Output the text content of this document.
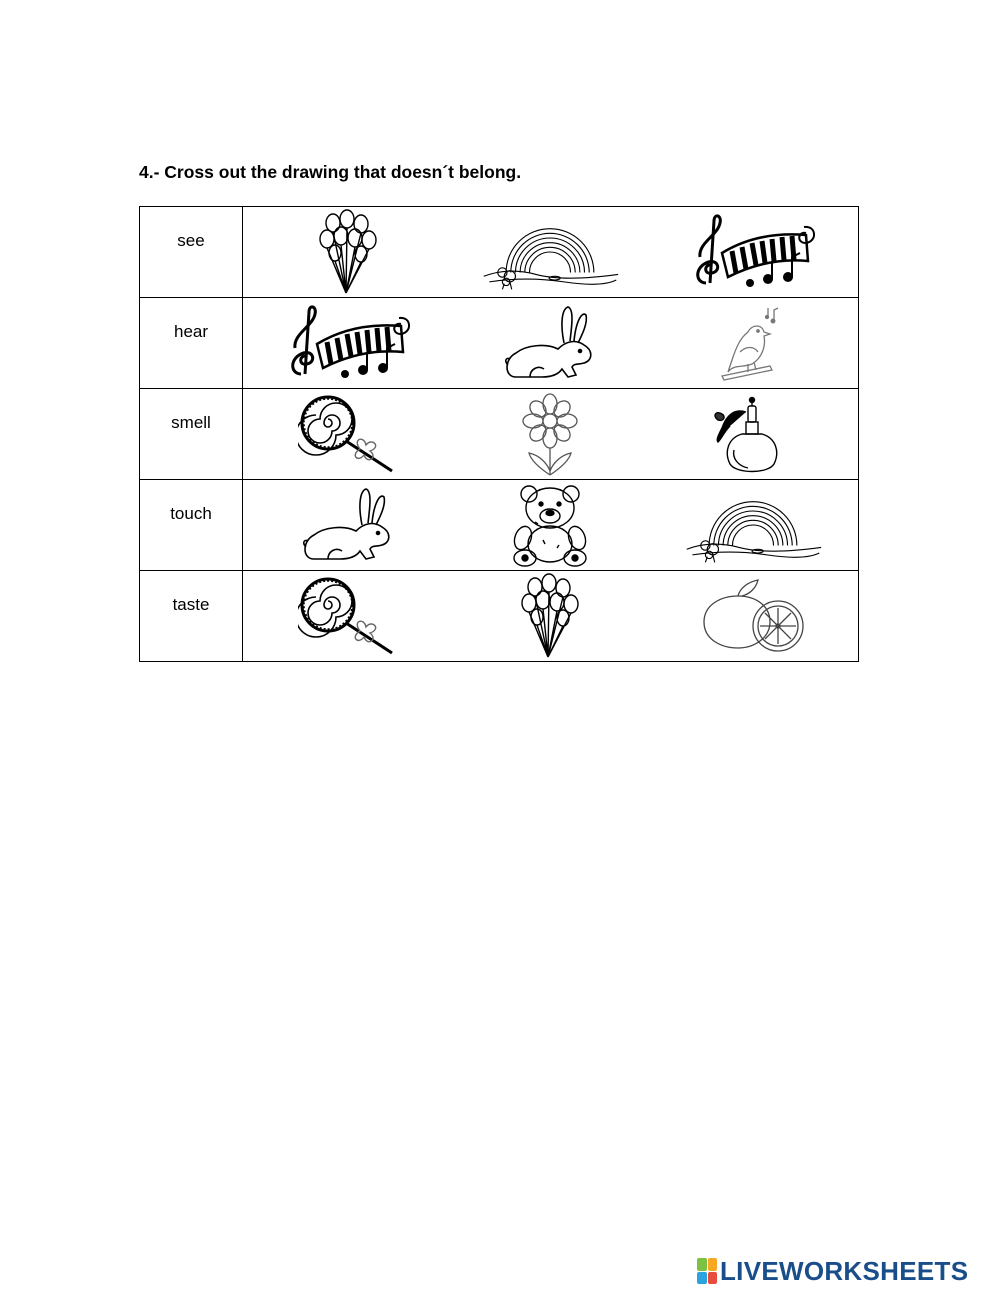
4.- Cross out the drawing that doesn´t belong.
see	

hear	

smell	

touch	

taste	
LIVEWORKSHEETS
